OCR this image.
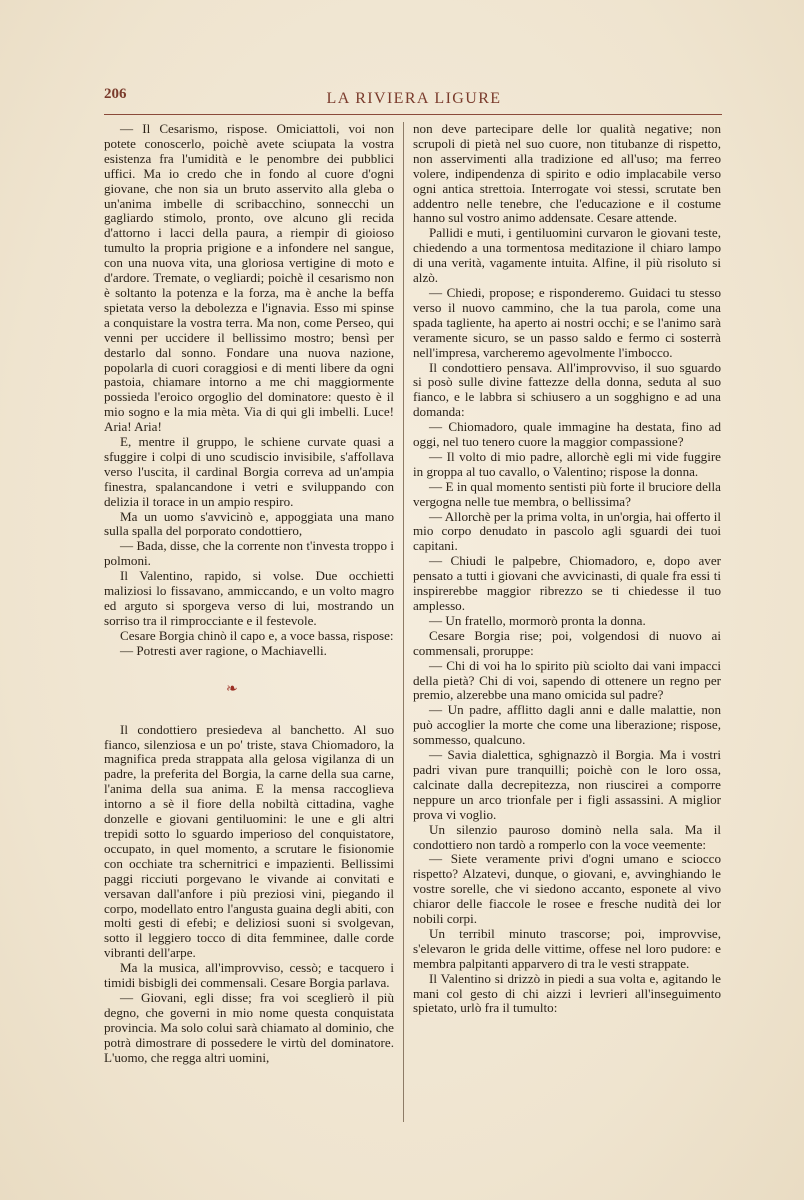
206	LA RIVIERA LIGURE

— Il Cesarismo, rispose. Omiciattoli, voi non potete conoscerlo, poichè avete sciupata la vostra esistenza fra l'umidità e le penombre dei pubblici uffici. Ma io credo che in fondo al cuore d'ogni giovane, che non sia un bruto asservito alla gleba o un'anima imbelle di scribacchino, sonnecchi un gagliardo stimolo, pronto, ove alcuno gli recida d'attorno i lacci della paura, a riempir di gioioso tumulto la propria prigione e a infondere nel sangue, con una nuova vita, una gloriosa vertigine di moto e d'ardore. Tremate, o vegliardi; poichè il cesarismo non è soltanto la potenza e la forza, ma è anche la beffa spietata verso la debolezza e l'ignavia. Esso mi spinse a conquistare la vostra terra. Ma non, come Perseo, qui venni per uccidere il bellissimo mostro; bensì per destarlo dal sonno. Fondare una nuova nazione, popolarla di cuori coraggiosi e di menti libere da ogni pastoia, chiamare intorno a me chi maggiormente possieda l'eroico orgoglio del dominatore: questo è il mio sogno e la mia mèta. Via di qui gli imbelli. Luce! Aria! Aria!

E, mentre il gruppo, le schiene curvate quasi a sfuggire i colpi di uno scudiscio invisibile, s'affollava verso l'uscita, il cardinal Borgia correva ad un'ampia finestra, spalancandone i vetri e sviluppando con delizia il torace in un ampio respiro.

Ma un uomo s'avvicinò e, appoggiata una mano sulla spalla del porporato condottiero,

— Bada, disse, che la corrente non t'investa troppo i polmoni.

Il Valentino, rapido, si volse. Due occhietti maliziosi lo fissavano, ammiccando, e un volto magro ed arguto si sporgeva verso di lui, mostrando un sorriso tra il rimprocciante e il festevole.

Cesare Borgia chinò il capo e, a voce bassa, rispose:

— Potresti aver ragione, o Machiavelli.

❧

Il condottiero presiedeva al banchetto. Al suo fianco, silenziosa e un po' triste, stava Chiomadoro, la magnifica preda strappata alla gelosa vigilanza di un padre, la preferita del Borgia, la carne della sua carne, l'anima della sua anima. E la mensa raccoglieva intorno a sè il fiore della nobiltà cittadina, vaghe donzelle e giovani gentiluomini: le une e gli altri trepidi sotto lo sguardo imperioso del conquistatore, occupato, in quel momento, a scrutare le fisionomie con occhiate tra schernitrici e impazienti. Bellissimi paggi ricciuti porgevano le vivande ai convitati e versavan dall'anfore i più preziosi vini, piegando il corpo, modellato entro l'angusta guaina degli abiti, con molti gesti di efebi; e deliziosi suoni si svolgevan, sotto il leggiero tocco di dita femminee, dalle corde vibranti dell'arpe.

Ma la musica, all'improvviso, cessò; e tacquero i timidi bisbigli dei commensali. Cesare Borgia parlava.

— Giovani, egli disse; fra voi sceglierò il più degno, che governi in mio nome questa conquistata provincia. Ma solo colui sarà chiamato al dominio, che potrà dimostrare di possedere le virtù del dominatore. L'uomo, che regga altri uomini,

non deve partecipare delle lor qualità negative; non scrupoli di pietà nel suo cuore, non titubanze di rispetto, non asservimenti alla tradizione ed all'uso; ma ferreo volere, indipendenza di spirito e odio implacabile verso ogni antica strettoia. Interrogate voi stessi, scrutate ben addentro nelle tenebre, che l'educazione e il costume hanno sul vostro animo addensate. Cesare attende.

Pallidi e muti, i gentiluomini curvaron le giovani teste, chiedendo a una tormentosa meditazione il chiaro lampo di una verità, vagamente intuita. Alfine, il più risoluto si alzò.

— Chiedi, propose; e risponderemo. Guidaci tu stesso verso il nuovo cammino, che la tua parola, come una spada tagliente, ha aperto ai nostri occhi; e se l'animo sarà veramente sicuro, se un passo saldo e fermo ci sosterrà nell'impresa, varcheremo agevolmente l'imbocco.

Il condottiero pensava. All'improvviso, il suo sguardo si posò sulle divine fattezze della donna, seduta al suo fianco, e le labbra si schiusero a un sogghigno e ad una domanda:

— Chiomadoro, quale immagine ha destata, fino ad oggi, nel tuo tenero cuore la maggior compassione?

— Il volto di mio padre, allorchè egli mi vide fuggire in groppa al tuo cavallo, o Valentino; rispose la donna.

— E in qual momento sentisti più forte il bruciore della vergogna nelle tue membra, o bellissima?

— Allorchè per la prima volta, in un'orgia, hai offerto il mio corpo denudato in pascolo agli sguardi dei tuoi capitani.

— Chiudi le palpebre, Chiomadoro, e, dopo aver pensato a tutti i giovani che avvicinasti, di quale fra essi ti inspirerebbe maggior ribrezzo se ti chiedesse il tuo amplesso.

— Un fratello, mormorò pronta la donna.

Cesare Borgia rise; poi, volgendosi di nuovo ai commensali, proruppe:

— Chi di voi ha lo spirito più sciolto dai vani impacci della pietà? Chi di voi, sapendo di ottenere un regno per premio, alzerebbe una mano omicida sul padre?

— Un padre, afflitto dagli anni e dalle malattie, non può accoglier la morte che come una liberazione; rispose, sommesso, qualcuno.

— Savia dialettica, sghignazzò il Borgia. Ma i vostri padri vivan pure tranquilli; poichè con le loro ossa, calcinate dalla decrepitezza, non riuscirei a comporre neppure un arco trionfale per i figli assassini. A miglior prova vi voglio.

Un silenzio pauroso dominò nella sala. Ma il condottiero non tardò a romperlo con la voce veemente:

— Siete veramente privi d'ogni umano e sciocco rispetto? Alzatevi, dunque, o giovani, e, avvinghiando le vostre sorelle, che vi siedono accanto, esponete al vivo chiaror delle fiaccole le rosee e fresche nudità dei lor nobili corpi.

Un terribil minuto trascorse; poi, improvvise, s'elevaron le grida delle vittime, offese nel loro pudore: e membra palpitanti apparvero di tra le vesti strappate.

Il Valentino si drizzò in piedi a sua volta e, agitando le mani col gesto di chi aizzi i levrieri all'inseguimento spietato, urlò fra il tumulto:
